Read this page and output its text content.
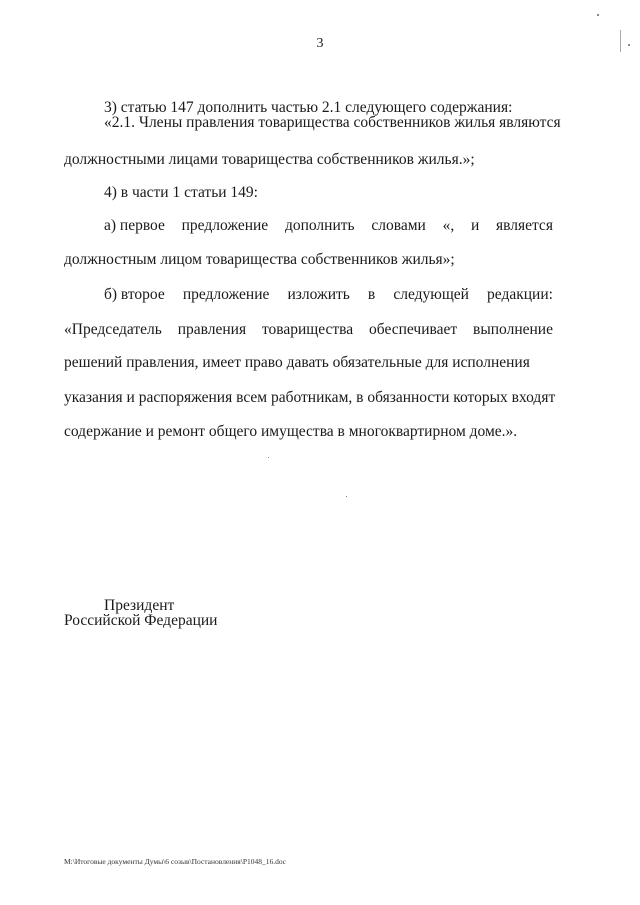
3
3) статью 147 дополнить частью 2.1 следующего содержания:
«2.1. Члены правления товарищества собственников жилья являются
должностными лицами товарищества собственников жилья.»;
4) в части 1 статьи 149:
а) первое предложение дополнить словами «, и является
должностным лицом товарищества собственников жилья»;
б) второе предложение изложить в следующей редакции:
«Председатель правления товарищества обеспечивает выполнение
решений правления, имеет право давать обязательные для исполнения
указания и распоряжения всем работникам, в обязанности которых входят
содержание и ремонт общего имущества в многоквартирном доме.».
Президент
Российской Федерации
M:\Итоговые документы Думы\6 созыв\Постановления\P1048_16.doc
